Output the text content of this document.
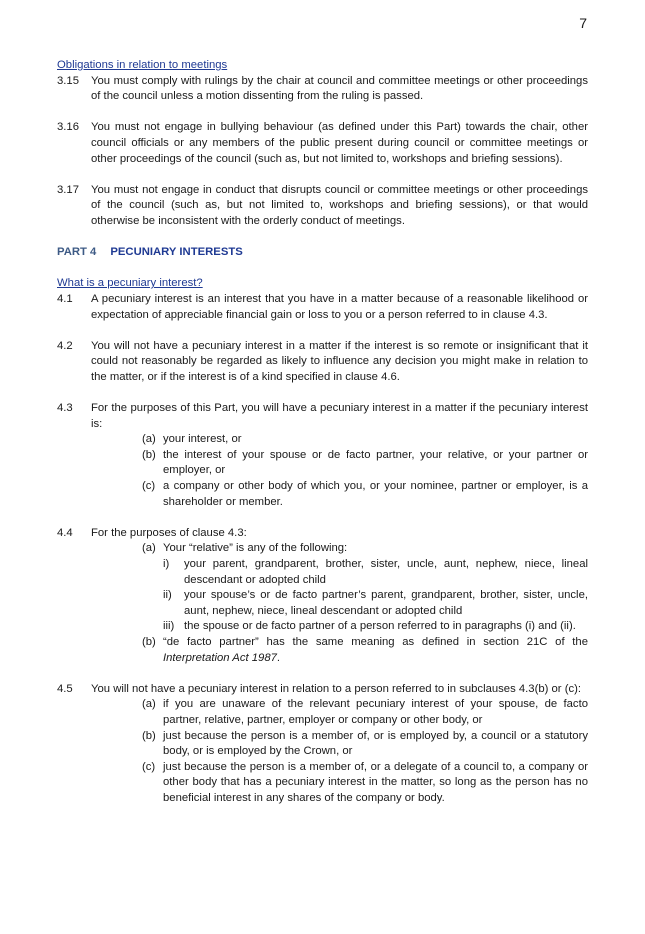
7
Obligations in relation to meetings
3.15	You must comply with rulings by the chair at council and committee meetings or other proceedings of the council unless a motion dissenting from the ruling is passed.
3.16	You must not engage in bullying behaviour (as defined under this Part) towards the chair, other council officials or any members of the public present during council or committee meetings or other proceedings of the council (such as, but not limited to, workshops and briefing sessions).
3.17	You must not engage in conduct that disrupts council or committee meetings or other proceedings of the council (such as, but not limited to, workshops and briefing sessions), or that would otherwise be inconsistent with the orderly conduct of meetings.
PART 4 PECUNIARY INTERESTS
What is a pecuniary interest?
4.1	A pecuniary interest is an interest that you have in a matter because of a reasonable likelihood or expectation of appreciable financial gain or loss to you or a person referred to in clause 4.3.
4.2	You will not have a pecuniary interest in a matter if the interest is so remote or insignificant that it could not reasonably be regarded as likely to influence any decision you might make in relation to the matter, or if the interest is of a kind specified in clause 4.6.
4.3	For the purposes of this Part, you will have a pecuniary interest in a matter if the pecuniary interest is:
(a) your interest, or
(b) the interest of your spouse or de facto partner, your relative, or your partner or employer, or
(c) a company or other body of which you, or your nominee, partner or employer, is a shareholder or member.
4.4	For the purposes of clause 4.3:
(a) Your “relative” is any of the following:
i)	your parent, grandparent, brother, sister, uncle, aunt, nephew, niece, lineal descendant or adopted child
ii)	your spouse’s or de facto partner’s parent, grandparent, brother, sister, uncle, aunt, nephew, niece, lineal descendant or adopted child
iii) the spouse or de facto partner of a person referred to in paragraphs (i) and (ii).
(b) “de facto partner” has the same meaning as defined in section 21C of the Interpretation Act 1987.
4.5	You will not have a pecuniary interest in relation to a person referred to in subclauses 4.3(b) or (c):
(a) if you are unaware of the relevant pecuniary interest of your spouse, de facto partner, relative, partner, employer or company or other body, or
(b) just because the person is a member of, or is employed by, a council or a statutory body, or is employed by the Crown, or
(c) just because the person is a member of, or a delegate of a council to, a company or other body that has a pecuniary interest in the matter, so long as the person has no beneficial interest in any shares of the company or body.
